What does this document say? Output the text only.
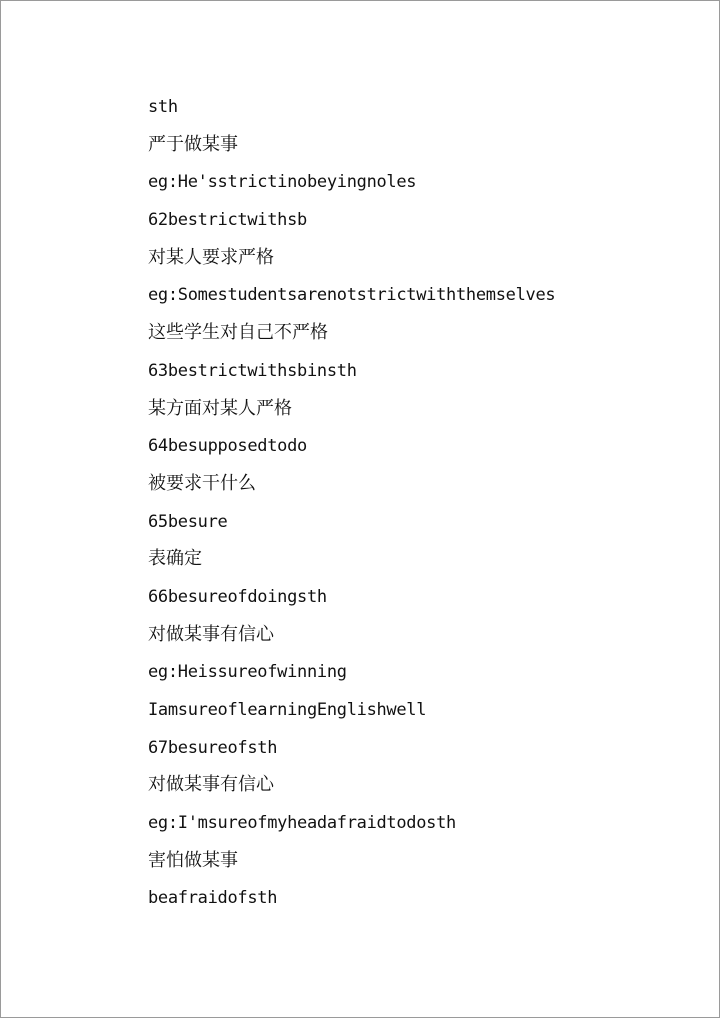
sth
严于做某事
eg:He'sstrictinobeyingnoles
62bestrictwithsb
对某人要求严格
eg:Somestudentsarenotstrictwiththemselves
这些学生对自己不严格
63bestrictwithsbinsth
某方面对某人严格
64besupposedtodo
被要求干什么
65besure
表确定
66besureofdoingsth
对做某事有信心
eg:Heissureofwinning
IamsureoflearningEnglishwell
67besureofsth
对做某事有信心
eg:I'msureofmyheadafraidtodosth
害怕做某事
beafraidofsth
